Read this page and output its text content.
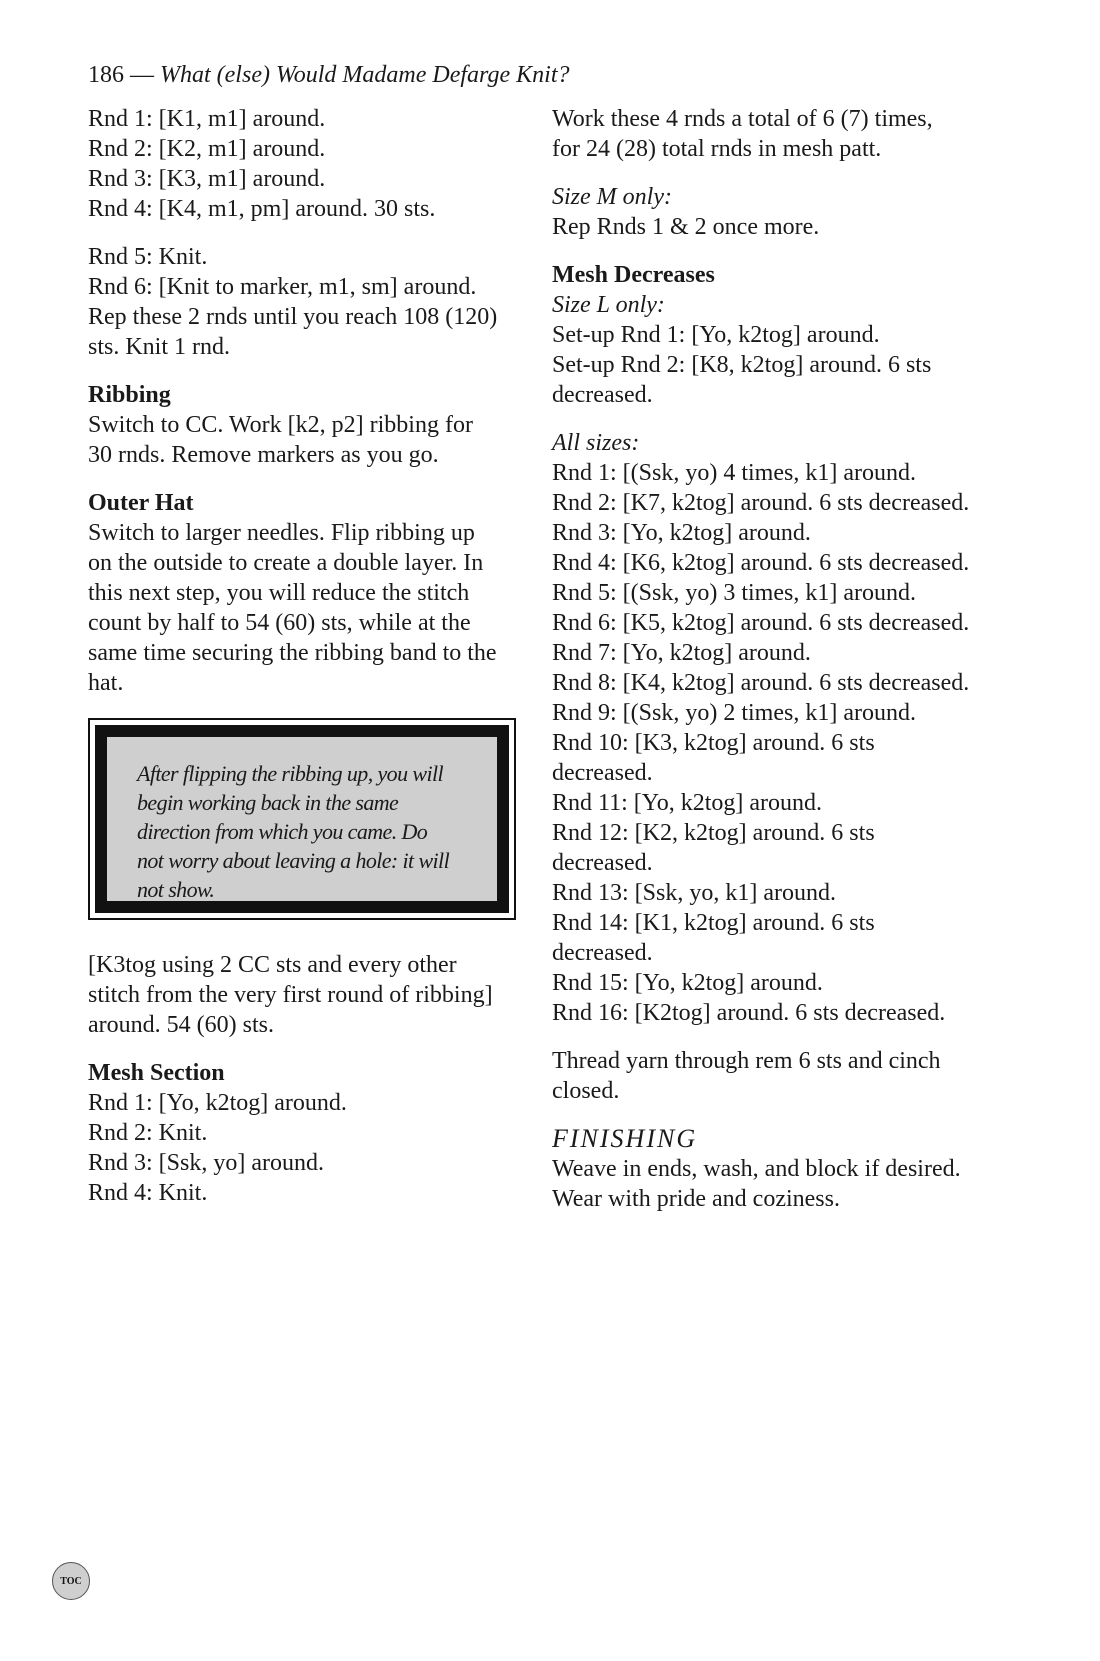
186 — What (else) Would Madame Defarge Knit?
Rnd 1: [K1, m1] around.
Rnd 2: [K2, m1] around.
Rnd 3: [K3, m1] around.
Rnd 4: [K4, m1, pm] around. 30 sts.
Rnd 5: Knit.
Rnd 6: [Knit to marker, m1, sm] around.
Rep these 2 rnds until you reach 108 (120)
sts. Knit 1 rnd.
Ribbing
Switch to CC. Work [k2, p2] ribbing for
30 rnds. Remove markers as you go.
Outer Hat
Switch to larger needles. Flip ribbing up
on the outside to create a double layer. In
this next step, you will reduce the stitch
count by half to 54 (60) sts, while at the
same time securing the ribbing band to the
hat.
After flipping the ribbing up, you will
begin working back in the same
direction from which you came. Do
not worry about leaving a hole: it will
not show.
[K3tog using 2 CC sts and every other
stitch from the very first round of ribbing]
around. 54 (60) sts.
Mesh Section
Rnd 1: [Yo, k2tog] around.
Rnd 2: Knit.
Rnd 3: [Ssk, yo] around.
Rnd 4: Knit.
Work these 4 rnds a total of 6 (7) times,
for 24 (28) total rnds in mesh patt.
Size M only:
Rep Rnds 1 & 2 once more.
Mesh Decreases
Size L only:
Set-up Rnd 1: [Yo, k2tog] around.
Set-up Rnd 2: [K8, k2tog] around. 6 sts
decreased.
All sizes:
Rnd 1: [(Ssk, yo) 4 times, k1] around.
Rnd 2: [K7, k2tog] around. 6 sts decreased.
Rnd 3: [Yo, k2tog] around.
Rnd 4: [K6, k2tog] around. 6 sts decreased.
Rnd 5: [(Ssk, yo) 3 times, k1] around.
Rnd 6: [K5, k2tog] around. 6 sts decreased.
Rnd 7: [Yo, k2tog] around.
Rnd 8: [K4, k2tog] around. 6 sts decreased.
Rnd 9: [(Ssk, yo) 2 times, k1] around.
Rnd 10: [K3, k2tog] around. 6 sts
decreased.
Rnd 11: [Yo, k2tog] around.
Rnd 12: [K2, k2tog] around. 6 sts
decreased.
Rnd 13: [Ssk, yo, k1] around.
Rnd 14: [K1, k2tog] around. 6 sts
decreased.
Rnd 15: [Yo, k2tog] around.
Rnd 16: [K2tog] around. 6 sts decreased.
Thread yarn through rem 6 sts and cinch
closed.
FINISHING
Weave in ends, wash, and block if desired.
Wear with pride and coziness.
TOC
